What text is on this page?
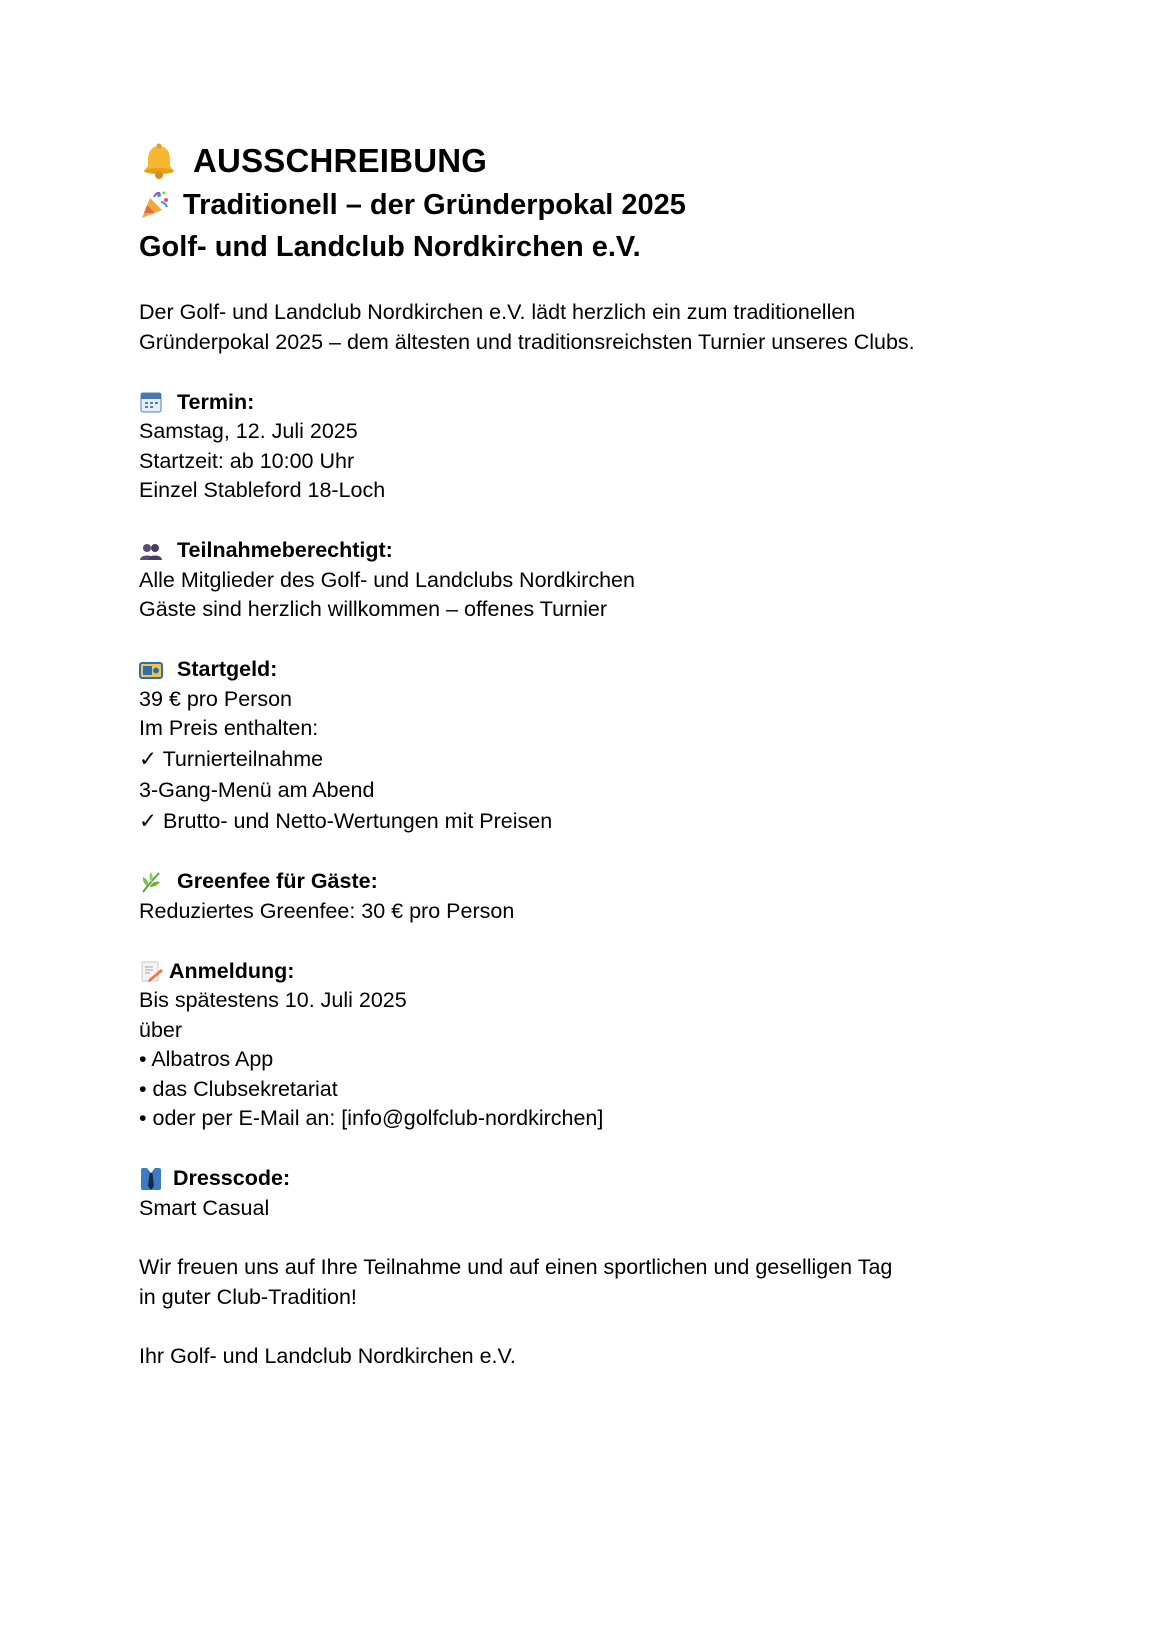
AUSSCHREIBUNG
Traditionell – der Gründerpokal 2025
Golf- und Landclub Nordkirchen e.V.

Der Golf- und Landclub Nordkirchen e.V. lädt herzlich ein zum traditionellen

Gründerpokal 2025 – dem ältesten und traditionsreichsten Turnier unseres Clubs.

Termin:

Samstag, 12. Juli 2025

Startzeit: ab 10:00 Uhr

Einzel Stableford 18-Loch

Teilnahmeberechtigt:

Alle Mitglieder des Golf- und Landclubs Nordkirchen

Gäste sind herzlich willkommen – offenes Turnier

Startgeld:

39 € pro Person

Im Preis enthalten:

✓ Turnierteilnahme

3-Gang-Menü am Abend

✓ Brutto- und Netto-Wertungen mit Preisen

Greenfee für Gäste:

Reduziertes Greenfee: 30 € pro Person

Anmeldung:

Bis spätestens 10. Juli 2025

über

• Albatros App

• das Clubsekretariat

• oder per E-Mail an: [info@golfclub-nordkirchen]

Dresscode:

Smart Casual

Wir freuen uns auf Ihre Teilnahme und auf einen sportlichen und geselligen Tag

in guter Club-Tradition!

Ihr Golf- und Landclub Nordkirchen e.V.
